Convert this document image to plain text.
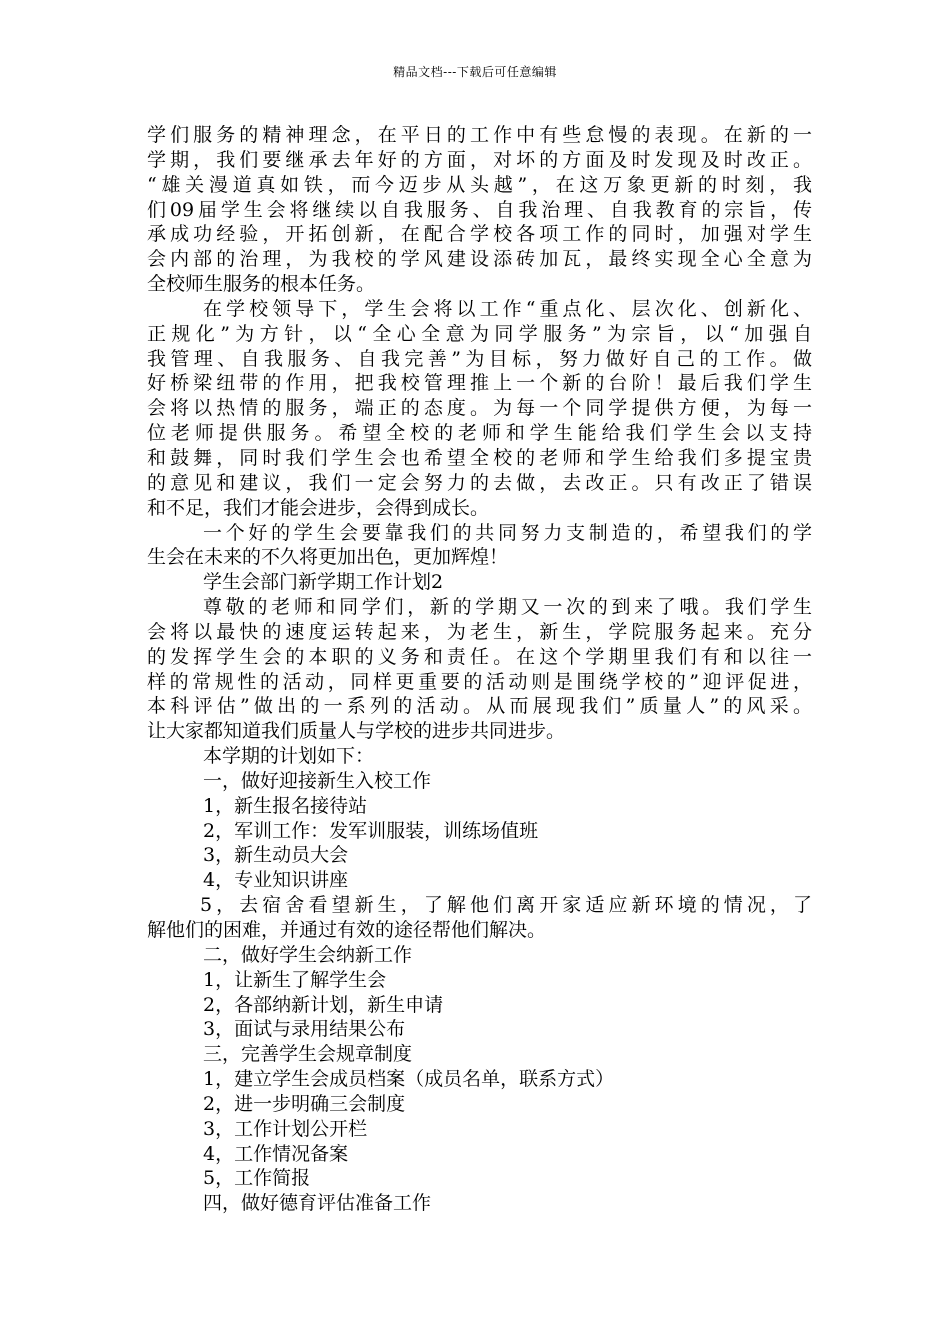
精品文档---下载后可任意编辑
学们服务的精神理念，在平日的工作中有些怠慢的表现。在新的一
学期，我们要继承去年好的方面，对坏的方面及时发现及时改正。
“雄关漫道真如铁，而今迈步从头越”，在这万象更新的时刻，我
们09届学生会将继续以自我服务、自我治理、自我教育的宗旨，传
承成功经验，开拓创新，在配合学校各项工作的同时，加强对学生
会内部的治理，为我校的学风建设添砖加瓦，最终实现全心全意为
全校师生服务的根本任务。
在学校领导下，学生会将以工作“重点化、层次化、创新化、
正规化”为方针，以“全心全意为同学服务”为宗旨，以“加强自
我管理、自我服务、自我完善”为目标，努力做好自己的工作。做
好桥梁纽带的作用，把我校管理推上一个新的台阶！最后我们学生
会将以热情的服务，端正的态度。为每一个同学提供方便，为每一
位老师提供服务。希望全校的老师和学生能给我们学生会以支持
和鼓舞，同时我们学生会也希望全校的老师和学生给我们多提宝贵
的意见和建议，我们一定会努力的去做，去改正。只有改正了错误
和不足，我们才能会进步，会得到成长。
一个好的学生会要靠我们的共同努力支制造的，希望我们的学
生会在未来的不久将更加出色，更加辉煌！
学生会部门新学期工作计划2
尊敬的老师和同学们，新的学期又一次的到来了哦。我们学生
会将以最快的速度运转起来，为老生，新生，学院服务起来。充分
的发挥学生会的本职的义务和责任。在这个学期里我们有和以往一
样的常规性的活动，同样更重要的活动则是围绕学校的”迎评促进，
本科评估”做出的一系列的活动。从而展现我们”质量人”的风采。
让大家都知道我们质量人与学校的进步共同进步。
本学期的计划如下：
一，做好迎接新生入校工作
1，新生报名接待站
2，军训工作：发军训服装，训练场值班
3，新生动员大会
4，专业知识讲座
5，去宿舍看望新生，了解他们离开家适应新环境的情况，了
解他们的困难，并通过有效的途径帮他们解决。
二，做好学生会纳新工作
1，让新生了解学生会
2，各部纳新计划，新生申请
3，面试与录用结果公布
三，完善学生会规章制度
1，建立学生会成员档案（成员名单，联系方式）
2，进一步明确三会制度
3，工作计划公开栏
4，工作情况备案
5，工作简报
四，做好德育评估准备工作
